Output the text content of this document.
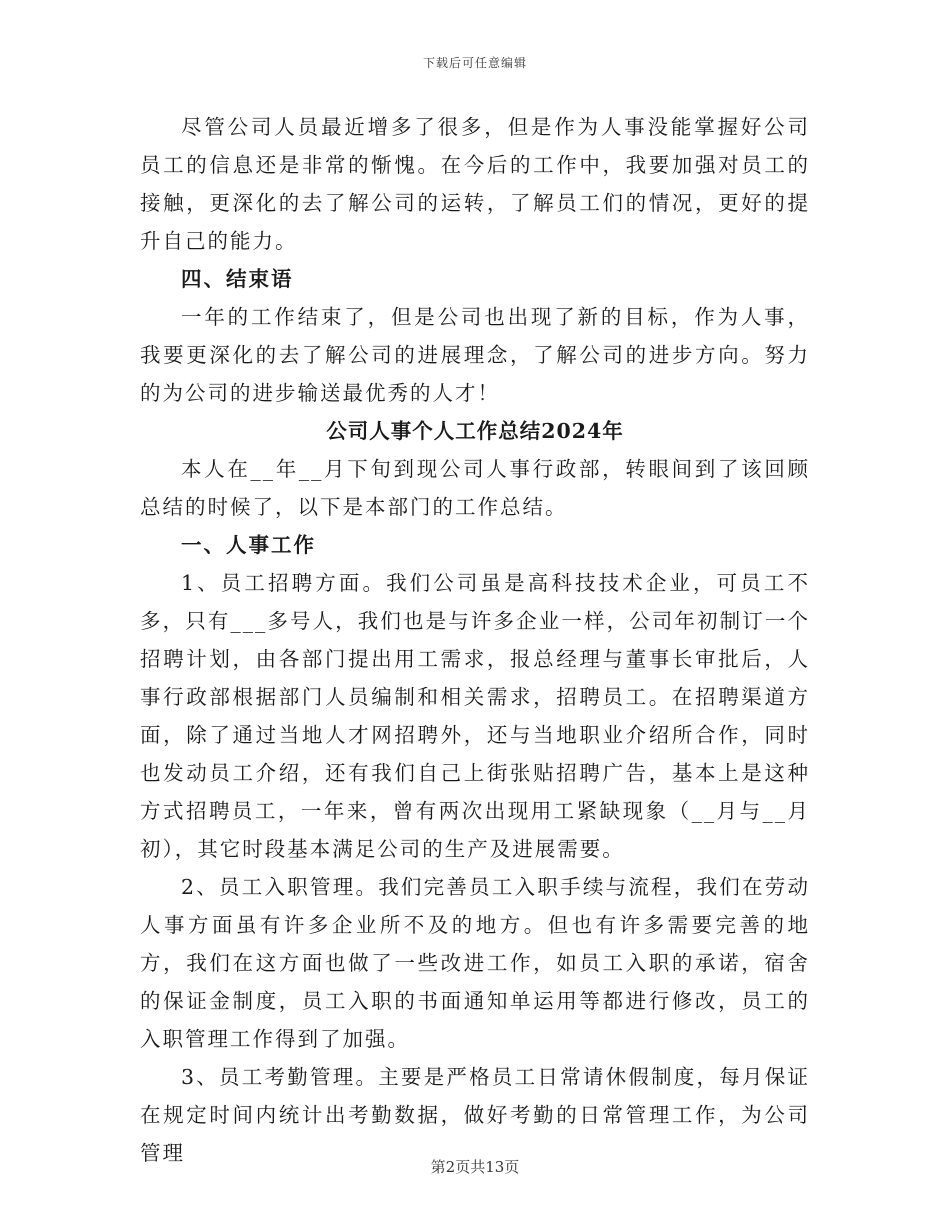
下载后可任意编辑

尽管公司人员最近增多了很多，但是作为人事没能掌握好公司员工的信息还是非常的惭愧。在今后的工作中，我要加强对员工的接触，更深化的去了解公司的运转，了解员工们的情况，更好的提升自己的能力。

四、结束语

一年的工作结束了，但是公司也出现了新的目标，作为人事，我要更深化的去了解公司的进展理念，了解公司的进步方向。努力的为公司的进步输送最优秀的人才！

公司人事个人工作总结2024年

本人在__年__月下旬到现公司人事行政部，转眼间到了该回顾总结的时候了，以下是本部门的工作总结。

一、人事工作

1、员工招聘方面。我们公司虽是高科技技术企业，可员工不多，只有___多号人，我们也是与许多企业一样，公司年初制订一个招聘计划，由各部门提出用工需求，报总经理与董事长审批后，人事行政部根据部门人员编制和相关需求，招聘员工。在招聘渠道方面，除了通过当地人才网招聘外，还与当地职业介绍所合作，同时也发动员工介绍，还有我们自己上街张贴招聘广告，基本上是这种方式招聘员工，一年来，曾有两次出现用工紧缺现象（__月与__月初），其它时段基本满足公司的生产及进展需要。

2、员工入职管理。我们完善员工入职手续与流程，我们在劳动人事方面虽有许多企业所不及的地方。但也有许多需要完善的地方，我们在这方面也做了一些改进工作，如员工入职的承诺，宿舍的保证金制度，员工入职的书面通知单运用等都进行修改，员工的入职管理工作得到了加强。

3、员工考勤管理。主要是严格员工日常请休假制度，每月保证在规定时间内统计出考勤数据，做好考勤的日常管理工作，为公司管理

第2页共13页
